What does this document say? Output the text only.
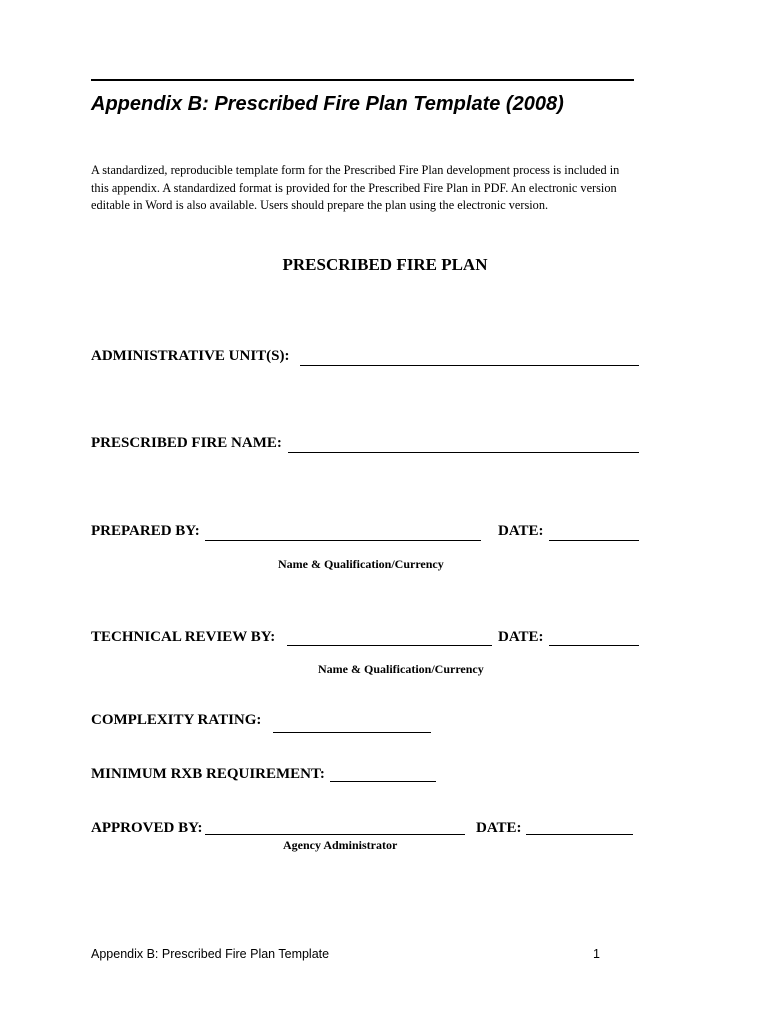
Appendix B: Prescribed Fire Plan Template (2008)
A standardized, reproducible template form for the Prescribed Fire Plan development process is included in this appendix. A standardized format is provided for the Prescribed Fire Plan in PDF. An electronic version editable in Word is also available. Users should prepare the plan using the electronic version.
PRESCRIBED FIRE PLAN
ADMINISTRATIVE UNIT(S):
PRESCRIBED FIRE NAME:
PREPARED BY:	DATE:
Name & Qualification/Currency
TECHNICAL REVIEW BY:	DATE:
Name & Qualification/Currency
COMPLEXITY RATING:
MINIMUM RXB REQUIREMENT:
APPROVED BY:	DATE:
Agency Administrator
Appendix B: Prescribed Fire Plan Template	1
